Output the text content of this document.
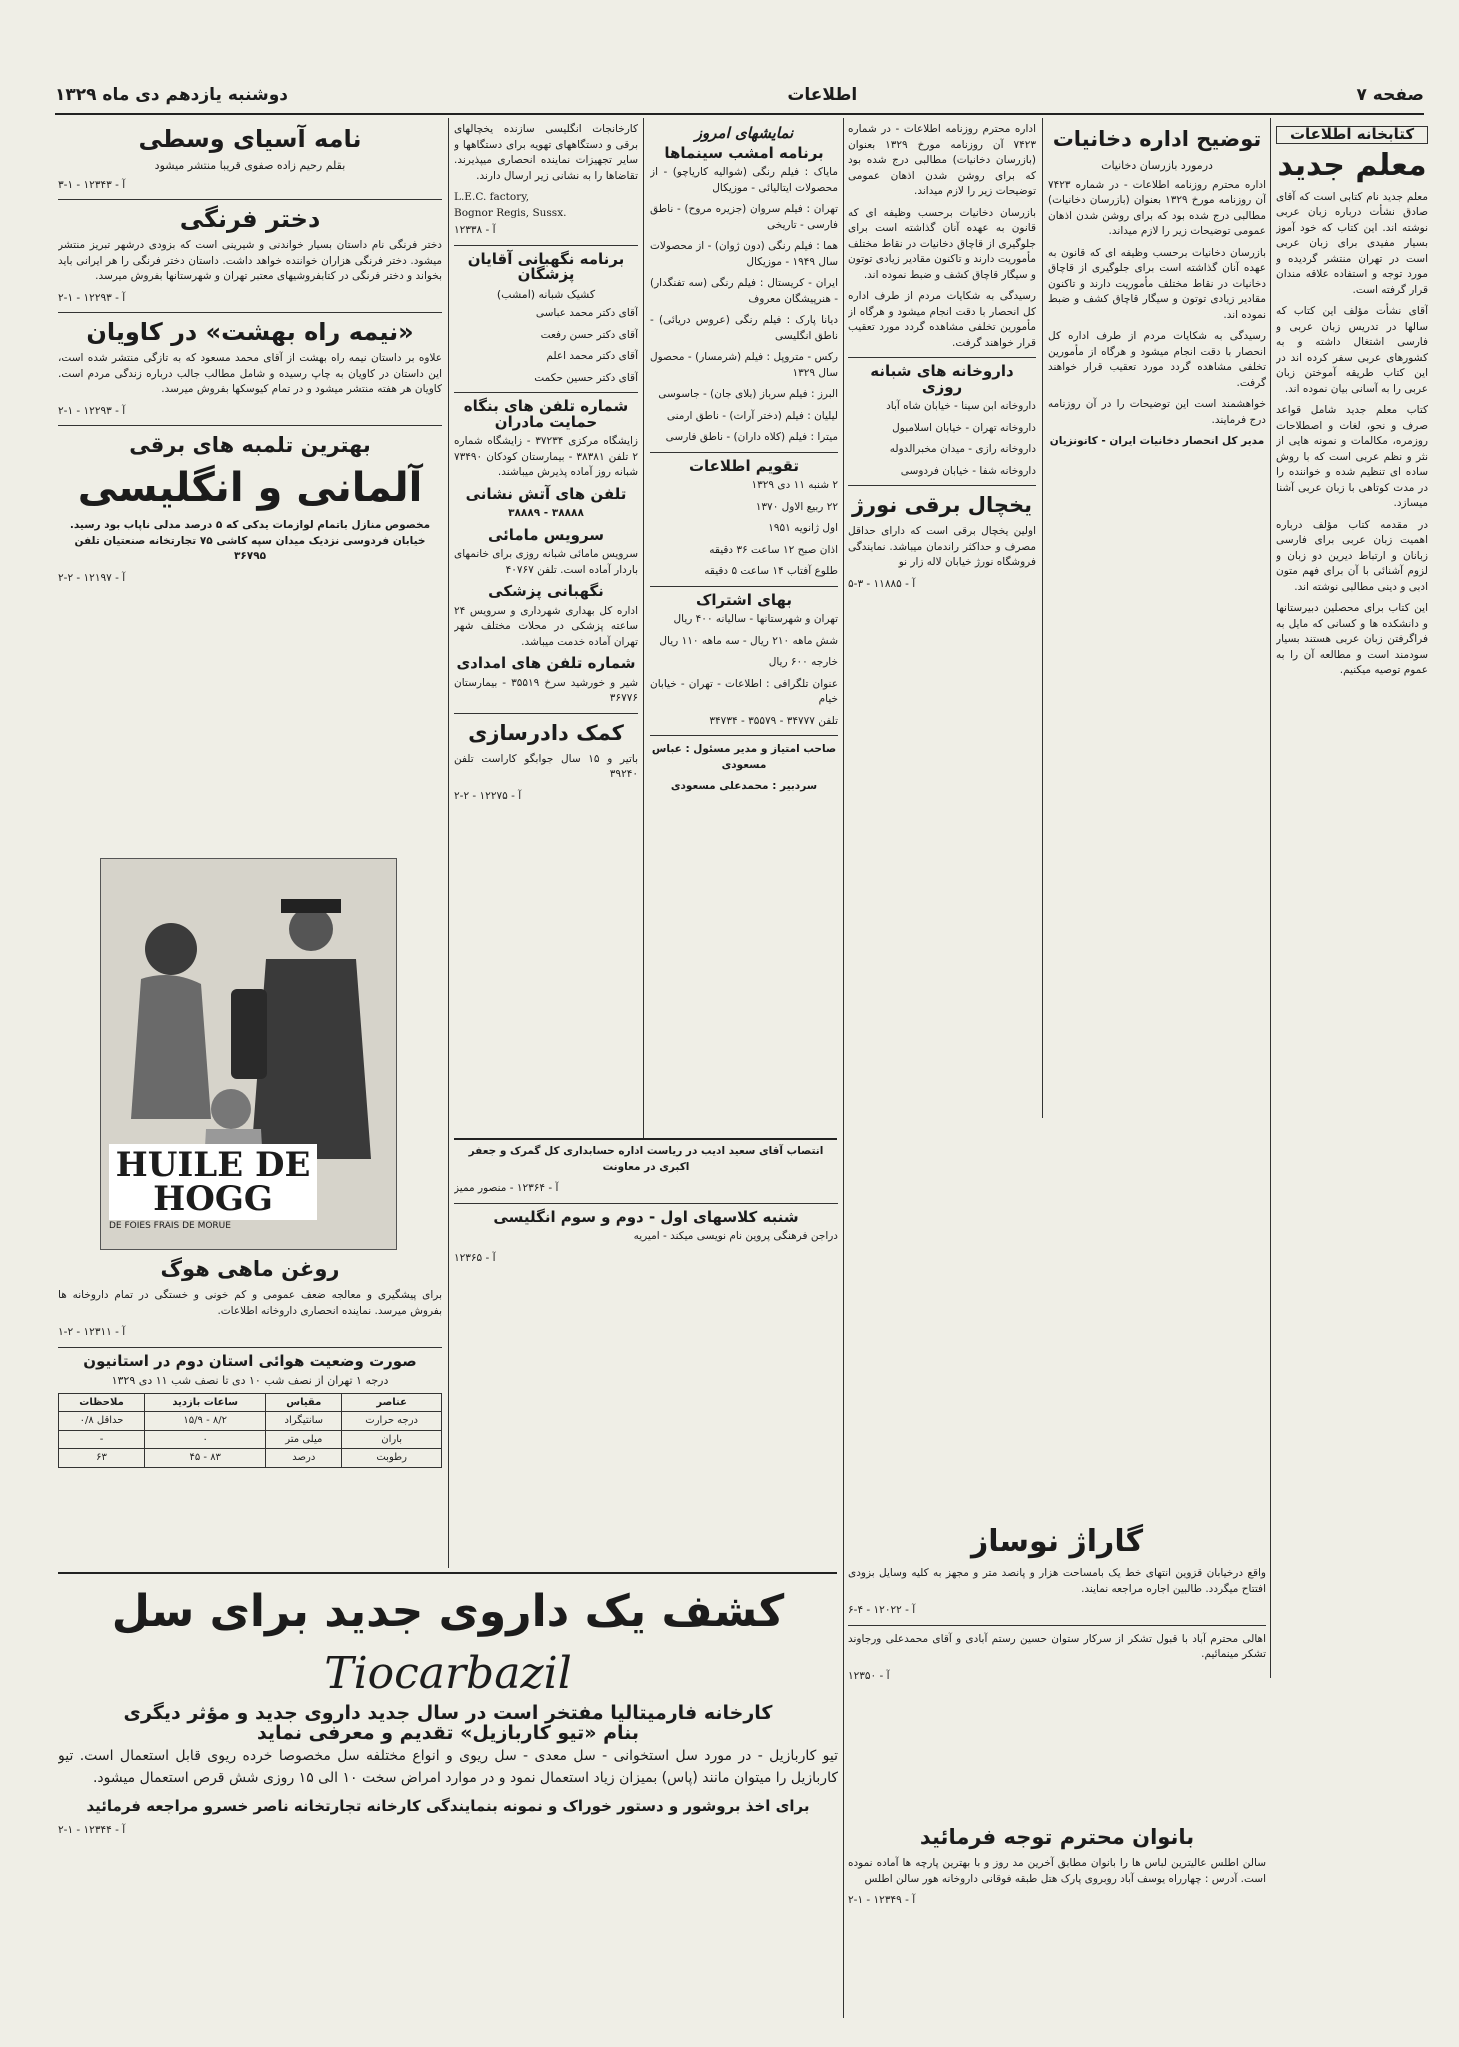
صفحه ۷
اطلاعات
دوشنبه یازدهم دی ماه ۱۳۲۹
کتابخانه اطلاعات
معلم جدید

معلم جدید نام کتابی است که آقای صادق نشأت درباره زبان عربی نوشته اند. این کتاب که خود آموز بسیار مفیدی برای زبان عربی است در تهران منتشر گردیده و مورد توجه و استفاده علاقه مندان قرار گرفته است.

آقای نشأت مؤلف این کتاب که سالها در تدریس زبان عربی و فارسی اشتغال داشته و به کشورهای عربی سفر کرده اند در این کتاب طریقه آموختن زبان عربی را به آسانی بیان نموده اند.

کتاب معلم جدید شامل قواعد صرف و نحو، لغات و اصطلاحات روزمره، مکالمات و نمونه هایی از نثر و نظم عربی است که با روش ساده ای تنظیم شده و خواننده را در مدت کوتاهی با زبان عربی آشنا میسازد.

در مقدمه کتاب مؤلف درباره اهمیت زبان عربی برای فارسی زبانان و ارتباط دیرین دو زبان و لزوم آشنائی با آن برای فهم متون ادبی و دینی مطالبی نوشته اند.

این کتاب برای محصلین دبیرستانها و دانشکده ها و کسانی که مایل به فراگرفتن زبان عربی هستند بسیار سودمند است و مطالعه آن را به عموم توصیه میکنیم.

توضیح اداره دخانیات
درمورد بازرسان دخانیات

اداره محترم روزنامه اطلاعات - در شماره ۷۴۲۳ آن روزنامه مورخ ۱۳۲۹ بعنوان (بازرسان دخانیات) مطالبی درج شده بود که برای روشن شدن اذهان عمومی توضیحات زیر را لازم میداند.

بازرسان دخانیات برحسب وظیفه ای که قانون به عهده آنان گذاشته است برای جلوگیری از قاچاق دخانیات در نقاط مختلف مأموریت دارند و تاکنون مقادیر زیادی توتون و سیگار قاچاق کشف و ضبط نموده اند.

رسیدگی به شکایات مردم از طرف اداره کل انحصار با دقت انجام میشود و هرگاه از مأمورین تخلفی مشاهده گردد مورد تعقیب قرار خواهند گرفت.

خواهشمند است این توضیحات را در آن روزنامه درج فرمایند.

مدیر کل انحصار دخانیات ایران - کانونزیان

اداره محترم روزنامه اطلاعات - در شماره ۷۴۲۳ آن روزنامه مورخ ۱۳۲۹ بعنوان (بازرسان دخانیات) مطالبی درج شده بود که برای روشن شدن اذهان عمومی توضیحات زیر را لازم میداند.

بازرسان دخانیات برحسب وظیفه ای که قانون به عهده آنان گذاشته است برای جلوگیری از قاچاق دخانیات در نقاط مختلف مأموریت دارند و تاکنون مقادیر زیادی توتون و سیگار قاچاق کشف و ضبط نموده اند.

رسیدگی به شکایات مردم از طرف اداره کل انحصار با دقت انجام میشود و هرگاه از مأمورین تخلفی مشاهده گردد مورد تعقیب قرار خواهند گرفت.

داروخانه های شبانه روزی

داروخانه ابن سینا - خیابان شاه آباد

داروخانه تهران - خیابان اسلامبول

داروخانه رازی - میدان مخبرالدوله

داروخانه شفا - خیابان فردوسی

یخچال برقی نورژ

اولین یخچال برقی است که دارای حداقل مصرف و حداکثر راندمان میباشد. نمایندگی فروشگاه نورژ خیابان لاله زار نو

آ - ۱۱۸۸۵ - ۳-۵
نمایشهای امروز
برنامه امشب سینماها

مایاک : فیلم رنگی (شوالیه کاریاچو) - از محصولات ایتالیائی - موزیکال

تهران : فیلم سروان (جزیره مروح) - ناطق فارسی - تاریخی

هما : فیلم رنگی (دون ژوان) - از محصولات سال ۱۹۴۹ - موزیکال

ایران - کریستال : فیلم رنگی (سه تفنگدار) - هنرپیشگان معروف

دیانا پارک : فیلم رنگی (عروس دریائی) - ناطق انگلیسی

رکس - متروپل : فیلم (شرمسار) - محصول سال ۱۳۲۹

البرز : فیلم سرباز (بلای جان) - جاسوسی

لیلیان : فیلم (دختر آرات) - ناطق ارمنی

میترا : فیلم (کلاه داران) - ناطق فارسی

تقویم اطلاعات

۲ شنبه ۱۱ دی ۱۳۲۹

۲۲ ربیع الاول ۱۳۷۰

اول ژانویه ۱۹۵۱

اذان صبح ۱۲ ساعت ۳۶ دقیقه

طلوع آفتاب ۱۴ ساعت ۵ دقیقه

بهای اشتراک

تهران و شهرستانها - سالیانه ۴۰۰ ریال

شش ماهه ۲۱۰ ریال - سه ماهه ۱۱۰ ریال

خارجه ۶۰۰ ریال

عنوان تلگرافی : اطلاعات - تهران - خیابان خیام

تلفن ۳۴۷۷۷ - ۳۵۵۷۹ - ۳۴۷۳۴

صاحب امتیاز و مدیر مسئول : عباس مسعودی

سردبیر : محمدعلی مسعودی

کارخانجات انگلیسی سازنده یخچالهای برقی و دستگاههای تهویه برای دستگاهها و سایر تجهیزات نماینده انحصاری میپذیرند. تقاضاها را به نشانی زیر ارسال دارند.

L.E.C. factory,
Bognor Regis, Sussx.
آ - ۱۲۳۳۸
برنامه نگهبانی آقایان پزشگان
کشیک شبانه (امشب)

آقای دکتر محمد عباسی

آقای دکتر حسن رفعت

آقای دکتر محمد اعلم

آقای دکتر حسین حکمت

شماره تلفن های بنگاه حمایت مادران

زایشگاه مرکزی ۳۷۲۳۴ - زایشگاه شماره ۲ تلفن ۳۸۳۸۱ - بیمارستان کودکان ۷۳۴۹۰ شبانه روز آماده پذیرش میباشند.

تلفن های آتش نشانی

۳۸۸۸۸ - ۳۸۸۸۹

سرویس مامائی

سرویس مامائی شبانه روزی برای خانمهای باردار آماده است. تلفن ۴۰۷۶۷

نگهبانی پزشکی

اداره کل بهداری شهرداری و سرویس ۲۴ ساعته پزشکی در محلات مختلف شهر تهران آماده خدمت میباشد.

شماره تلفن های امدادی

شیر و خورشید سرخ ۳۵۵۱۹ - بیمارستان ۳۶۷۷۶

کمک دادرسازی

باتیر و ۱۵ سال جوابگو کاراست تلفن ۳۹۲۴۰

آ - ۱۲۲۷۵ - ۲-۲
نامه آسیای وسطی
بقلم رحیم زاده صفوی قریبا منتشر میشود
آ - ۱۲۳۴۳ - ۱-۳
دختر فرنگی

دختر فرنگی نام داستان بسیار خواندنی و شیرینی است که بزودی درشهر تبریز منتشر میشود. دختر فرنگی هزاران خواننده خواهد داشت. داستان دختر فرنگی را هر ایرانی باید بخواند و دختر فرنگی در کتابفروشیهای معتبر تهران و شهرستانها بفروش میرسد.

آ - ۱۲۲۹۳ - ۱-۲
«نیمه راه بهشت» در کاویان

علاوه بر داستان نیمه راه بهشت از آقای محمد مسعود که به تازگی منتشر شده است، این داستان در کاویان به چاپ رسیده و شامل مطالب جالب درباره زندگی مردم است. کاویان هر هفته منتشر میشود و در تمام کیوسکها بفروش میرسد.

آ - ۱۲۲۹۳ - ۱-۲
بهترین تلمبه های برقی
آلمانی و انگلیسی

مخصوص منازل باتمام لوازمات یدکی که ۵ درصد مدلی ناپاب بود رسید. خیابان فردوسی نزدیک میدان سپه کاشی ۷۵ تجارتخانه صنعتیان تلفن ۳۶۷۹۵

آ - ۱۲۱۹۷ - ۲-۲
HUILE DE
HOGG
DE FOIES FRAIS DE MORUE
روغن ماهی هوگ

برای پیشگیری و معالجه ضعف عمومی و کم خونی و خستگی در تمام داروخانه ها بفروش میرسد. نماینده انحصاری داروخانه اطلاعات.

آ - ۱۲۳۱۱ - ۲-۱
صورت وضعیت هوائی استان دوم در استانیون
درجه ۱ تهران از نصف شب ۱۰ دی تا نصف شب ۱۱ دی ۱۳۲۹
عناصر	مقیاس	ساعات بازدید	ملاحظات
درجه حرارت	سانتیگراد	۸/۲ - ۱۵/۹	حداقل ۰/۸
باران	میلی متر	۰	-
رطوبت	درصد	۸۳ - ۴۵	۶۳

انتصاب آقای سعید ادیب در ریاست اداره حسابداری کل گمرک و جعفر اکبری در معاونت

آ - ۱۲۳۶۴ - منصور ممیز
شنبه کلاسهای اول - دوم و سوم انگلیسی

دراجن فرهنگی پروین نام نویسی میکند - امیریه

آ - ۱۲۳۶۵
گاراژ نوساز

واقع درخیابان قزوین انتهای خط یک بامساحت هزار و پانصد متر و مجهز به کلیه وسایل بزودی افتتاح میگردد. طالبین اجاره مراجعه نمایند.

آ - ۱۲۰۲۲ - ۴-۶

اهالی محترم آباد با قبول تشکر از سرکار ستوان حسین رستم آبادی و آقای محمدعلی ورجاوند تشکر مینمائیم.

آ - ۱۲۳۵۰
بانوان محترم توجه فرمائید

سالن اطلس عالیترین لباس ها را بانوان مطابق آخرین مد روز و با بهترین پارچه ها آماده نموده است. آدرس : چهارراه یوسف آباد روبروی پارک هتل طبقه فوقانی داروخانه هور سالن اطلس

آ - ۱۲۳۴۹ - ۱-۲
کشف یک داروی جدید برای سل
Tiocarbazil
کارخانه فارمیتالیا مفتخر است در سال جدید داروی جدید و مؤثر دیگری
بنام «تیو کاربازیل» تقدیم و معرفی نماید

تیو کاربازیل - در مورد سل استخوانی - سل معدی - سل ریوی و انواع مختلفه سل مخصوصا خرده ریوی قابل استعمال است. تیو کاربازیل را میتوان مانند (پاس) بمیزان زیاد استعمال نمود و در موارد امراض سخت ۱۰ الی ۱۵ روزی شش قرص استعمال میشود.

برای اخذ بروشور و دستور خوراک و نمونه بنمایندگی کارخانه تجارتخانه ناصر خسرو مراجعه فرمائید

آ - ۱۲۳۴۴ - ۱-۲
